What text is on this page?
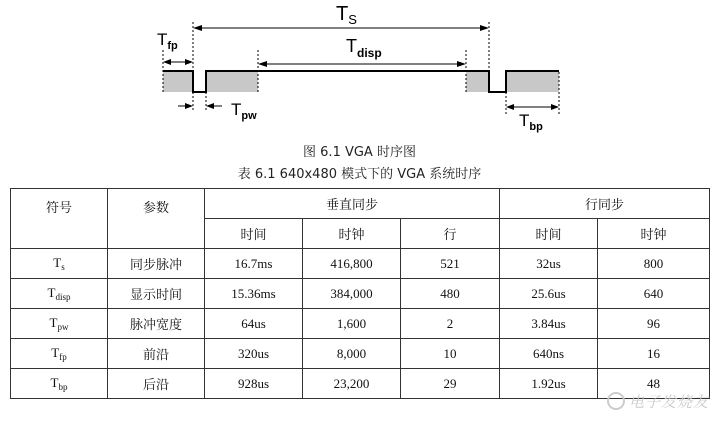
$T_S$
$T_{disp}$
$T_{fp}$
$T_{pw}$	$T_{bp}$
图 6.1 VGA 时序图
表 6.1 640x480 模式下的 VGA 系统时序
符号	参数	垂直同步			行同步	
		时间	时钟	行	时间	时钟
$T_s$	同步脉冲	16.7ms	416,800	521	32us	800
$T_{disp}$	显示时间	15.36ms	384,000	480	25.6us	640
$T_{pw}$	脉冲宽度	64us	1,600	2	3.84us	96
$T_{fp}$	前沿	320us	8,000	10	640ns	16
$T_{bp}$	后沿	928us	23,200	29	1.92us	48
电子发烧友
